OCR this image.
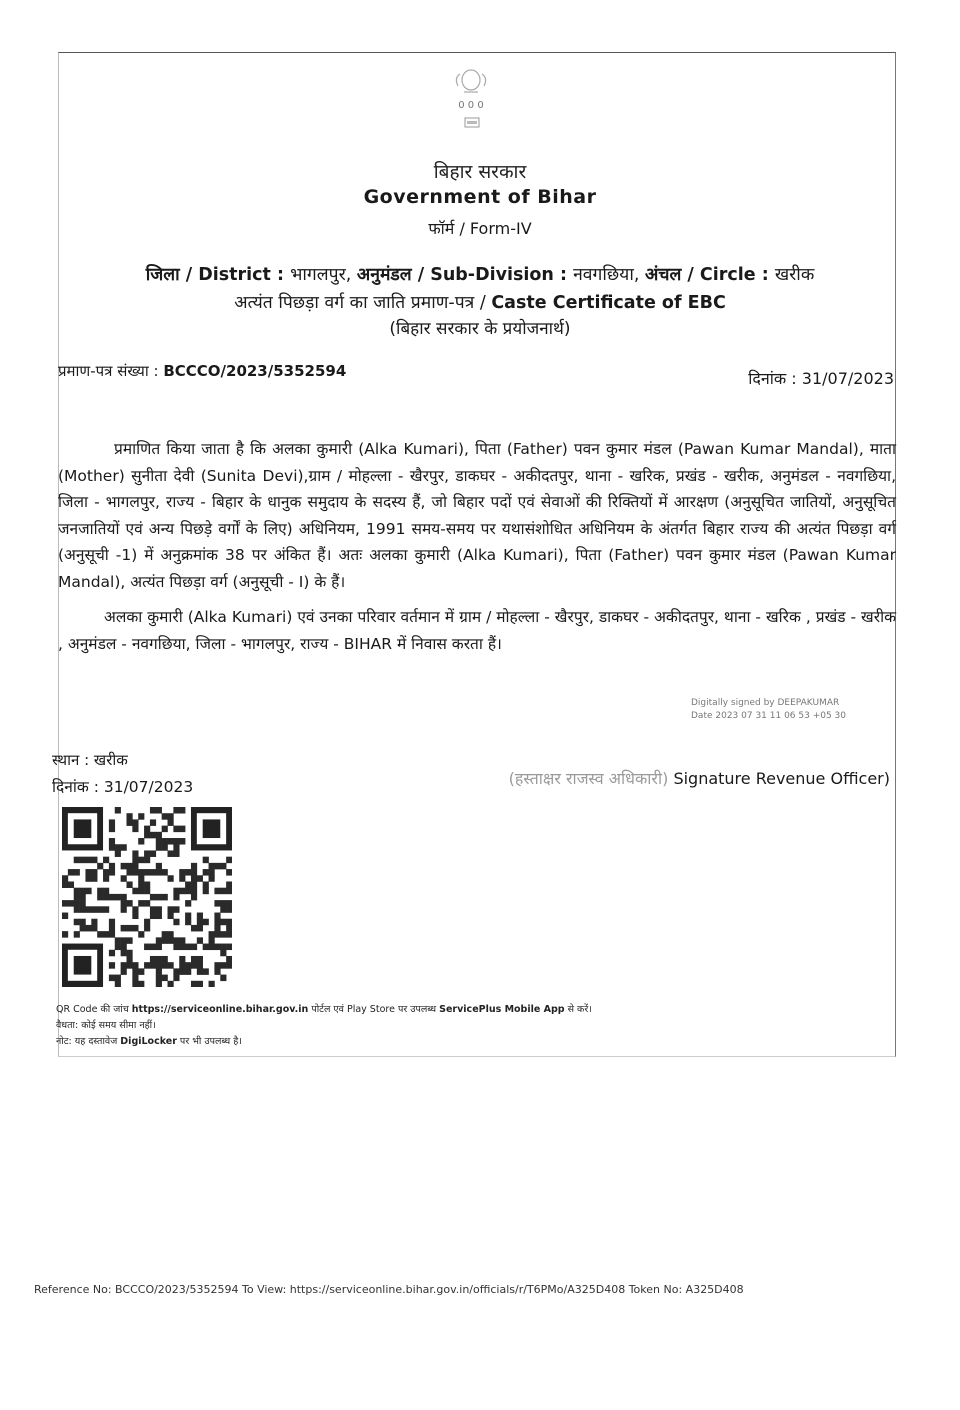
0 0 0
बिहार सरकार
Government of Bihar
फॉर्म / Form-IV
जिला / District : भागलपुर, अनुमंडल / Sub-Division : नवगछिया, अंचल / Circle : खरीक
अत्यंत पिछड़ा वर्ग का जाति प्रमाण-पत्र / Caste Certificate of EBC
(बिहार सरकार के प्रयोजनार्थ)
प्रमाण-पत्र संख्या : BCCCO/2023/5352594	दिनांक : 31/07/2023

प्रमाणित किया जाता है कि अलका कुमारी (Alka Kumari), पिता (Father) पवन कुमार मंडल (Pawan Kumar Mandal), माता (Mother) सुनीता देवी (Sunita Devi),ग्राम / मोहल्ला - खैरपुर, डाकघर - अकीदतपुर, थाना - खरिक, प्रखंड - खरीक, अनुमंडल - नवगछिया, जिला - भागलपुर, राज्य - बिहार के धानुक समुदाय के सदस्य हैं, जो बिहार पदों एवं सेवाओं की रिक्तियों में आरक्षण (अनुसूचित जातियों, अनुसूचित जनजातियों एवं अन्य पिछड़े वर्गों के लिए) अधिनियम, 1991 समय-समय पर यथासंशोधित अधिनियम के अंतर्गत बिहार राज्य की अत्यंत पिछड़ा वर्ग (अनुसूची -1) में अनुक्रमांक 38 पर अंकित हैं। अतः अलका कुमारी (Alka Kumari), पिता (Father) पवन कुमार मंडल (Pawan Kumar Mandal), अत्यंत पिछड़ा वर्ग (अनुसूची - I) के हैं।

अलका कुमारी (Alka Kumari) एवं उनका परिवार वर्तमान में ग्राम / मोहल्ला - खैरपुर, डाकघर - अकीदतपुर, थाना - खरिक , प्रखंड - खरीक , अनुमंडल - नवगछिया, जिला - भागलपुर, राज्य - BIHAR में निवास करता हैं।

Digitally signed by DEEPAKUMAR
Date 2023 07 31 11 06 53 +05 30
स्थान : खरीक
दिनांक : 31/07/2023	(हस्ताक्षर राजस्व अधिकारी) Signature Revenue Officer)
QR Code की जांच https://serviceonline.bihar.gov.in पोर्टल एवं Play Store पर उपलब्ध ServicePlus Mobile App से करें।
वैधता: कोई समय सीमा नहीं।
नोट: यह दस्तावेज DigiLocker पर भी उपलब्ध है।
Reference No: BCCCO/2023/5352594 To View: https://serviceonline.bihar.gov.in/officials/r/T6PMo/A325D408 Token No: A325D408
